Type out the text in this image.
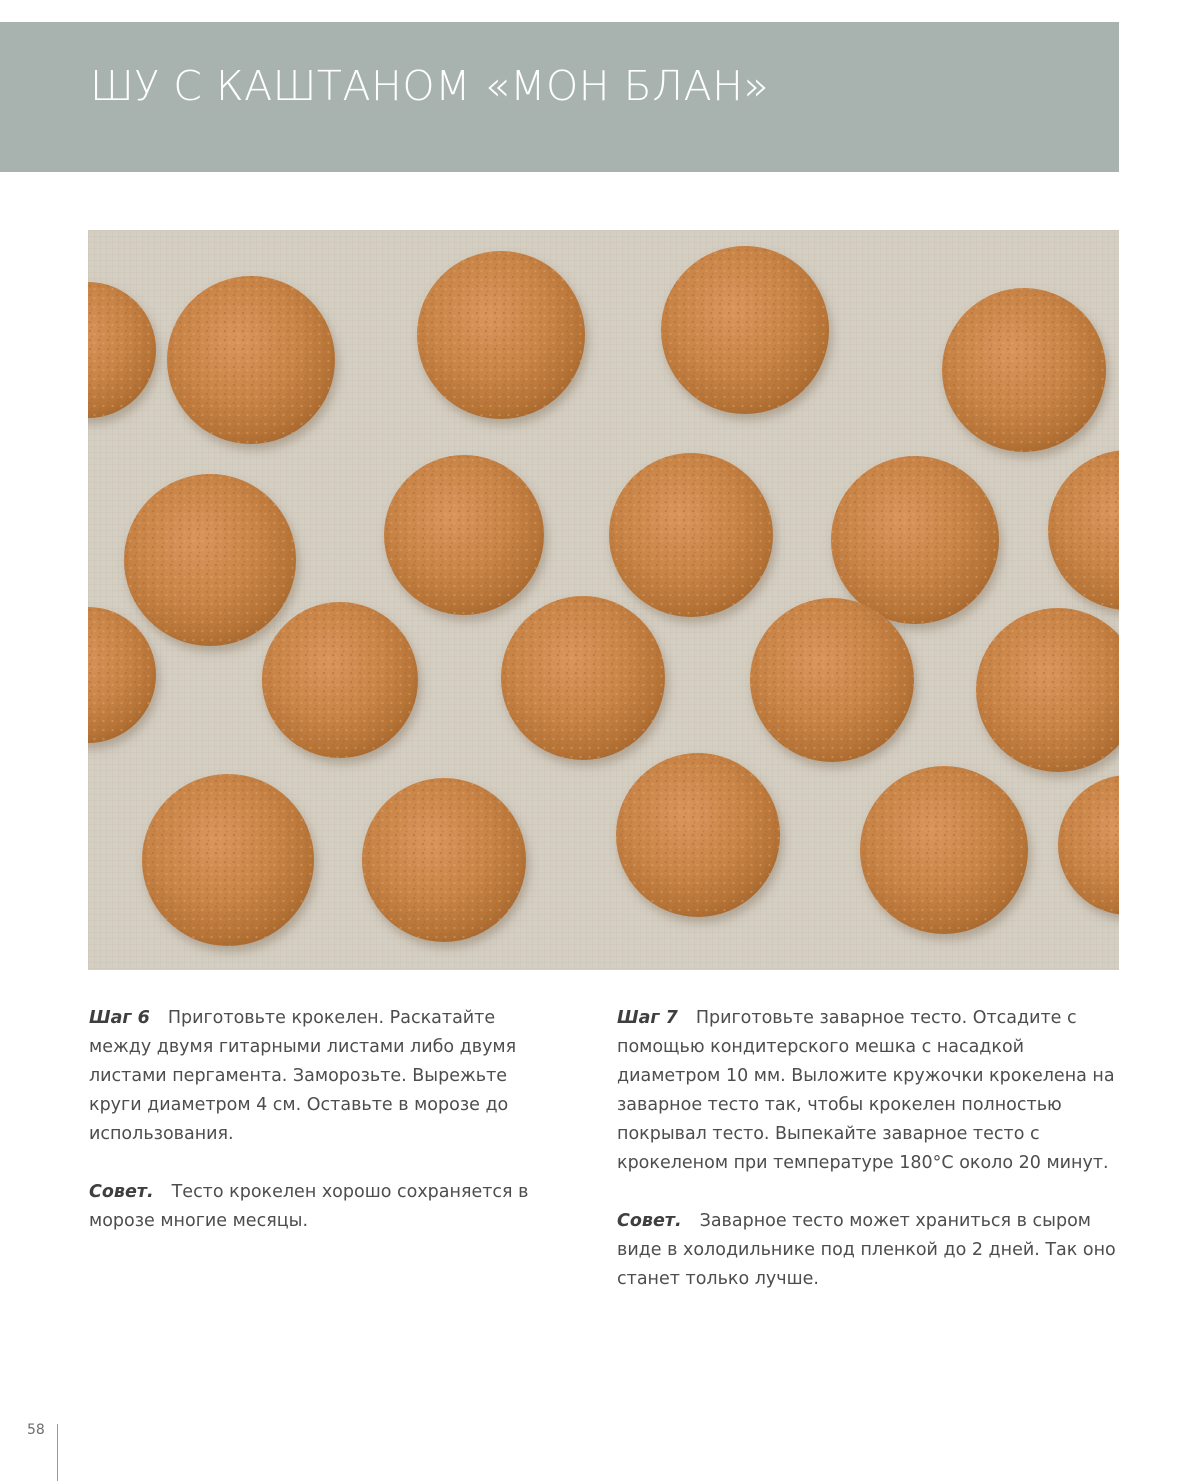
ШУ С КАШТАНОМ «МОН БЛАН»

Шаг 6 Приготовьте крокелен. Раскатайте между двумя гитарными листами либо двумя листами пергамента. Заморозьте. Вырежьте круги диаметром 4 см. Оставьте в морозе до использования.

Совет. Тесто крокелен хорошо сохраняется в морозе многие месяцы.

Шаг 7 Приготовьте заварное тесто. Отсадите с помощью кондитерского мешка с насадкой диаметром 10 мм. Выложите кружочки крокелена на заварное тесто так, чтобы крокелен полностью покрывал тесто. Выпекайте заварное тесто с крокеленом при температуре 180°С около 20 минут.

Совет. Заварное тесто может храниться в сыром виде в холодильнике под пленкой до 2 дней. Так оно станет только лучше.

58
